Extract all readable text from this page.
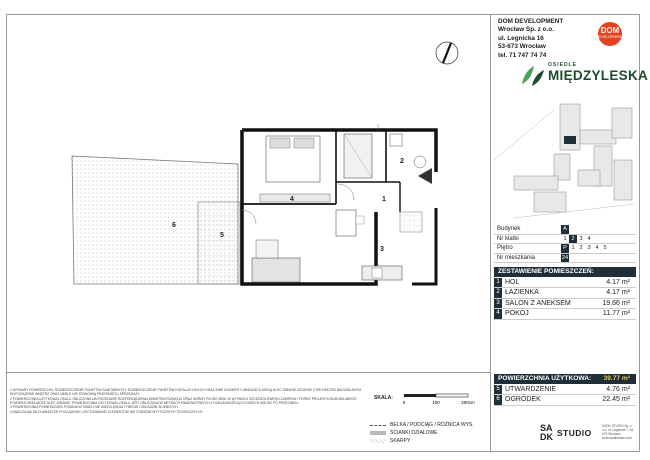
1
2
3
4
5
6
DOM DEVELOPMENT
Wrocław Sp. z o.o.
ul. Legnicka 16
53-673 Wrocław
tel. 71 747 74 74
DOM
DEVELOPMENT
OSIEDLE
MIĘDZYLESKA
Budynek	A
Nr klatki	1 2 3 4
Piętro	P 1 2 3 4 5
Nr mieszkania	24
ZESTAWIENIE POMIESZCZEŃ:
1 HOL	4.17 m²
2 ŁAZIENKA	4.17 m²
3 SALON Z ANEKSEM	19.66 m²
4 POKÓJ	11.77 m²
POWIERZCHNIA UŻYTKOWA: 39.77 m²
5 UTWARDZENIE	4.76 m²
6 OGRÓDEK	22.45 m²

1 WYMIARY POWIERZCHNI, ROZMIESZCZENIE PUNKTÓW SANITARNYCH, ROZMIESZCZENIE PUNKTÓW INSTALACYJNYCH ORAZ INNE ELEMENTY ARANŻACJI MOGĄ ULEC ZMIANIE ZGODNIE Z PROJEKTEM BUDOWLANYM. WYPOSAŻENIE WNĘTRZ ORAZ MEBLE NIE STANOWIĄ PRZEDMIOTU SPRZEDAŻY.

2 POWIERZCHNIA UŻYTKOWA LOKALU OBLICZONA NA PODSTAWIE ROZPORZĄDZENIA MINISTRA ROZWOJU ORAZ NORMY PN-ISO 9836. W WYPADKU SZCZEGÓŁOWEGO ZAKRESU I FORMY PROJEKTU BUDOWLANEGO POWIERZCHNIA MOŻE ULEC ZMIANIE. POWIERZCHNIA UŻYTKOWA LOKALU JEST OBLICZANA W METRACH KWADRATOWYCH Z DOKŁADNOŚCIĄ DO DWÓCH MIEJSC PO PRZECINKU.

3 POWIERZCHNIA POMIESZCZEŃ PODANA W TABELI NIE UWZGLĘDNIA TYNKÓW I OKŁADZIN ŚCIENNYCH.

4 ANALIZA MA NA CHARAKTER POGLĄDOWY, USYTUOWANIE ELEMENTÓW NIE STANOWI WYTYCZNYCH TECHNICZNYCH.

SKALA:
0	100	200cm
BELKA / PODCIĄG / RÓŻNICA WYS.
ŚCIANKI DZIAŁOWE
SKARPY
SA
DK STUDIO
SADK STUDIO Sp. z o.o. ul. Legnicka 7, 53-673 Wrocław, www.sadkstudio.com
